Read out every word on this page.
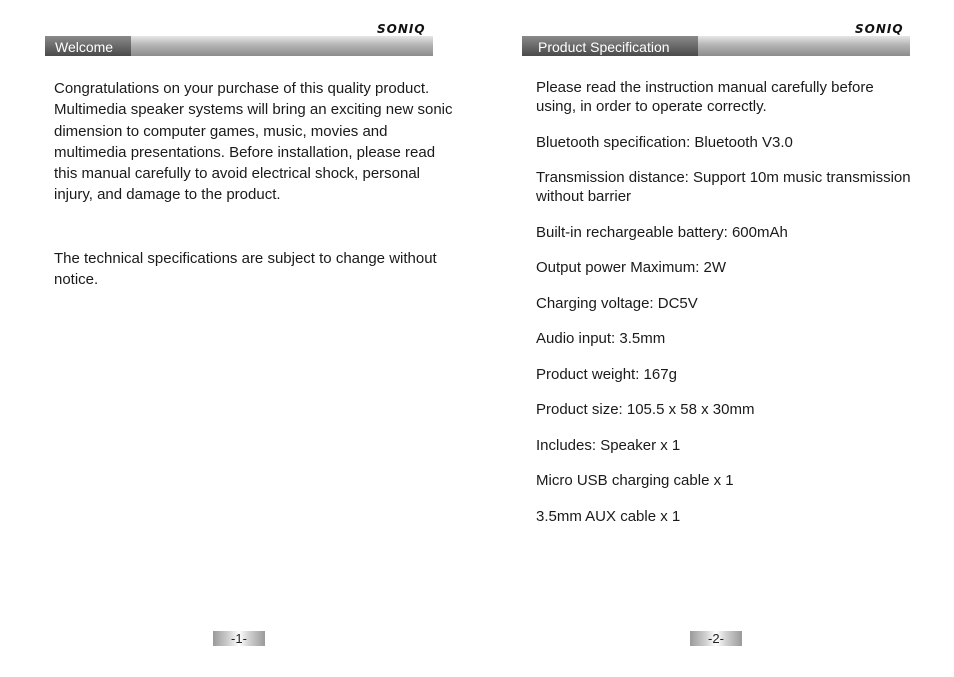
SONIQ
Welcome

Congratulations on your purchase of this quality product. Multimedia speaker systems will bring an exciting new sonic dimension to computer games, music, movies and multimedia presentations. Before installation, please read this manual carefully to avoid electrical shock, personal injury, and damage to the product.

The technical specifications are subject to change without notice.

-1-
SONIQ
Product Specification

Please read the instruction manual carefully before using, in order to operate correctly.

Bluetooth specification: Bluetooth V3.0

Transmission distance: Support 10m music transmission without barrier

Built-in rechargeable battery: 600mAh

Output power Maximum: 2W

Charging voltage: DC5V

Audio input: 3.5mm

Product weight: 167g

Product size: 105.5 x 58 x 30mm

Includes: Speaker x 1

Micro USB charging cable x 1

3.5mm AUX cable x 1

-2-
